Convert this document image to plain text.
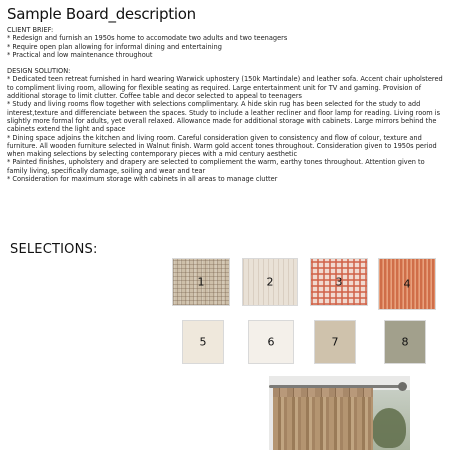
Sample Board_description

CLIENT BRIEF:

* Redesign and furnish an 1950s home to accomodate two adults and two teenagers

* Require open plan allowing for informal dining and entertaining

* Practical and low maintenance throughout

DESIGN SOLUTION:

* Dedicated teen retreat furnished in hard wearing Warwick uphostery (150k Martindale) and leather sofa. Accent chair upholstered to compliment living room, allowing for flexible seating as required. Large entertainment unit for TV and gaming. Provision of additional storage to limit clutter. Coffee table and decor selected to appeal to teenagers

* Study and living rooms flow together with selections complimentary. A hide skin rug has been selected for the study to add interest,texture and differenciate between the spaces. Study to include a leather recliner and floor lamp for reading. Living room is slightly more formal for adults, yet overall relaxed. Allowance made for additional storage with cabinets. Large mirrors behind the cabinets extend the light and space

* Dining space adjoins the kitchen and living room. Careful consideration given to consistency and flow of colour, texture and furniture. All wooden furniture selected in Walnut finish. Warm gold accent tones throughout. Consideration given to 1950s period when making selections by selecting contemporary pieces with a mid century aesthetic

* Painted finishes, upholstery and drapery are selected to compliement the warm, earthy tones throughout. Attention given to family living, specifically damage, soiling and wear and tear

* Consideration for maximum storage with cabinets in all areas to manage clutter

SELECTIONS:
1	2	3	4
5	6	7	8
